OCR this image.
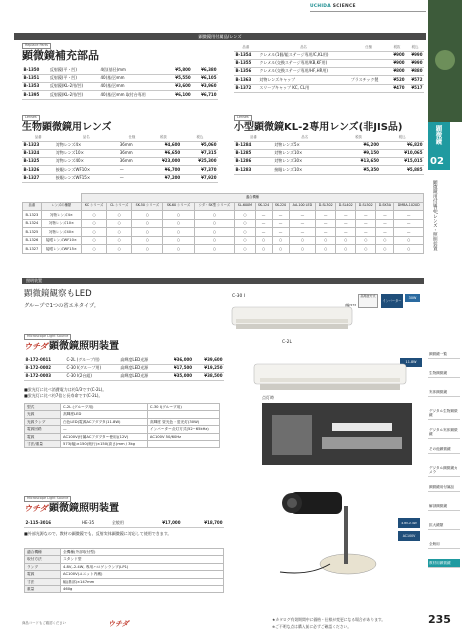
UCHIDA SCIENCE
顕微鏡用付属品/レンズ
Replace Parts
顕微鏡補充部品
B-1350	反射鏡(平・凹)	4倍(基径)mm	¥5,800	¥6,380
B-1351	反射鏡(平・凹)	40(基径)mm	¥5,550	¥6,105
B-1353	反射鏡(KL-2用/凹)	40(基径)mm	¥3,600	¥3,960
B-1395	反射鏡(KL-2用/凹)	40(基径)mm 取付台専用	¥6,100	¥6,710
品番	品名	仕様	税抜	税込
B-1354	クレメル(1個/組ステージ専用/C,KL用)		¥900	¥990
B-1355	クレメル(交換ステージ専用/KB,KF用)		¥900	¥990
B-1356	クレメル(交換ステージ専用/HF,HR用)		¥800	¥880
B-1363	対物レンズキャップ	プラスチック製	¥520	¥572
B-1372	スリーブキャップ KC, CL用		¥470	¥517
Lenses
生物顕微鏡用レンズ
品番	品名	仕様	税抜	税込
B-1323	対物レンズ4×	36mm	¥4,600	¥5,060
B-1324	対物レンズ10×	36mm	¥6,650	¥7,315
B-1325	対物レンズ40×	36mm	¥23,000	¥25,300
B-1326	接眼レンズWF10×	—	¥6,700	¥7,370
B-1327	接眼レンズWF15×	—	¥7,200	¥7,920
Lenses
小型顕微鏡KL-2専用レンズ(非JIS品)
品番	品名	税抜	税込
B-1284	対物レンズ5×	¥6,200	¥6,820
B-1285	対物レンズ10×	¥9,150	¥10,065
B-1286	対物レンズ30×	¥13,650	¥15,015
B-1283	接眼レンズ10×	¥5,350	¥5,885
		適合機種													
品番	レンズの種類	KC シリーズ	CL シリーズ	SK-50 シリーズ	SK-60 シリーズ	シダ・SK型 シリーズ	SL-600M	SK-124	SK-220	AA-100 LED	D-SL302	D-SL402	D-SL502	D-SK5A	DMBA-1020D
B-1323	対物レンズ4×	○	○	○	○	○	○	—	—	—	—	—	—	—	—
B-1324	対物レンズ10×	○	○	○	○	○	○	—	—	—	—	—	—	—	—
B-1325	対物レンズ40×	○	○	○	○	○	○	—	—	—	—	—	—	—	—
B-1326	接眼レンズWF10×	○	○	○	○	○	○	○	○	○	○	○	○	○	○
B-1327	接眼レンズWF15×	○	○	○	○	○	○	○	○	○	○	○	○	○	○
照明装置
顕微鏡観察もLED
グループで1つの省エネタイプ。
Microscope Light Source
ウチダ 顕微鏡照明装置
8-172-0011	C-2L (グループ用)	高輝度LED光源	¥36,000	¥39,600
8-172-0002	C-30 I(グループ用)	高輝度LED光源	¥17,500	¥19,250
8-172-0003	C-30 I(2台組)	高輝度LED光源	¥35,000	¥38,500
■蛍光灯に比べ消費電力は約1/3です(C-2L)。
■蛍光灯に比べ約7倍と長寿命です(C-2L)。
型式	C-2L (グループ用)	C-30 I(グループ用)
光源	高輝度LED	
光源ランプ	白色LED(電源ACアダプタ(11.8W)	高輝度 昼光色・蛍光灯(30W)
電源回路	—	インバーター点灯方式(52~65kHz)
電源	AC100V(付属ACアダプター使用)(12V)	AC100V 50/60Hz
寸法/重量	573(幅)×150(奥行)×150(高さ)mm / 3kg	
C-30 I	高周波方式
インバーター
30W
(幅)573
C-2L
11.8W
点灯時
Microscope Light Source
ウチダ 顕微鏡照明装置
2-115-3016	HE-35	全般用	¥17,000	¥18,700
■外部光源なので、教材の顕微鏡でも、反射実体顕微鏡に対応して使用できます。
適合機種	全機種(外部取付型)
取付方法	スタンド型
ランプ	4.8V,-2.4W, 専用ハロゲンランプ(LP1)
電源	AC100V(ユニット内蔵)
寸法	幅(基部)×147mm
重量	460g
4.8V-2.4W
AC100V
顕微鏡
02
顕微鏡用付属品/レンズ・照明装置
顕微鏡一覧
生物顕微鏡
実体顕微鏡
デジタル生物顕微鏡
デジタル実体顕微鏡
その他顕微鏡
デジタル顕微鏡カメラ
顕微鏡用付属品
解剖顕微鏡
拡大鏡類
全般用
教材用顕微鏡
商品コードもご確認ください	ウチダ
★カタログ有効期間中に価格・仕様が変更になる場合があります。
※ご不明な点は購入前に必ずご確認ください。
235
